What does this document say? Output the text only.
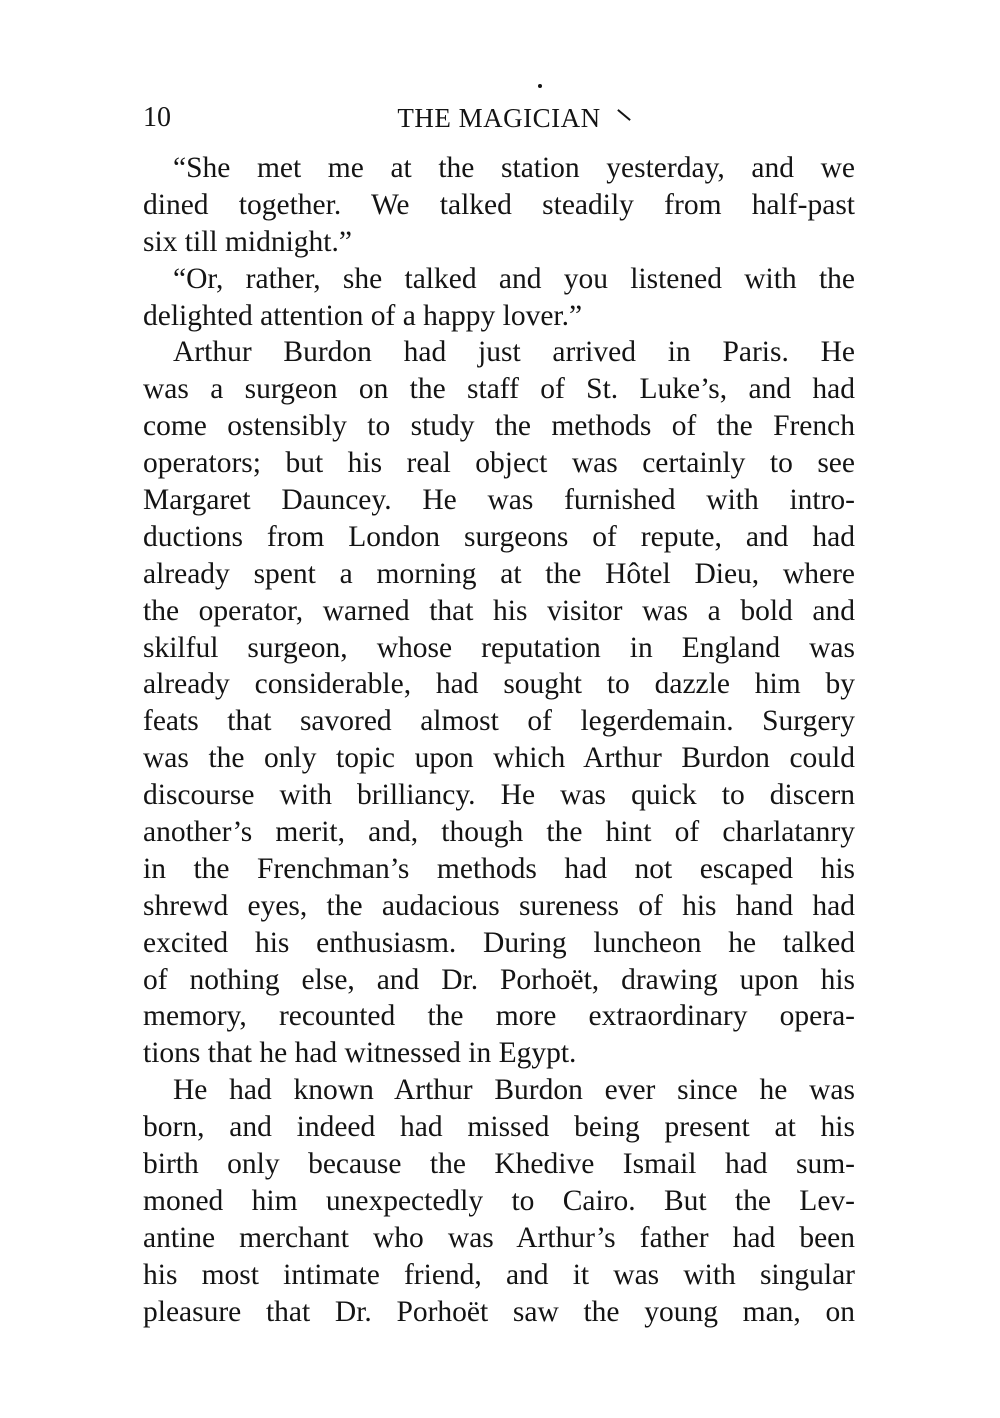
10	THE MAGICIAN
“She met me at the station yesterday, and we
dined together. We talked steadily from half-past
six till midnight.”
“Or, rather, she talked and you listened with the
delighted attention of a happy lover.”
Arthur Burdon had just arrived in Paris. He
was a surgeon on the staff of St. Luke’s, and had
come ostensibly to study the methods of the French
operators; but his real object was certainly to see
Margaret Dauncey. He was furnished with intro-
ductions from London surgeons of repute, and had
already spent a morning at the Hôtel Dieu, where
the operator, warned that his visitor was a bold and
skilful surgeon, whose reputation in England was
already considerable, had sought to dazzle him by
feats that savored almost of legerdemain. Surgery
was the only topic upon which Arthur Burdon could
discourse with brilliancy. He was quick to discern
another’s merit, and, though the hint of charlatanry
in the Frenchman’s methods had not escaped his
shrewd eyes, the audacious sureness of his hand had
excited his enthusiasm. During luncheon he talked
of nothing else, and Dr. Porhoët, drawing upon his
memory, recounted the more extraordinary opera-
tions that he had witnessed in Egypt.
He had known Arthur Burdon ever since he was
born, and indeed had missed being present at his
birth only because the Khedive Ismail had sum-
moned him unexpectedly to Cairo. But the Lev-
antine merchant who was Arthur’s father had been
his most intimate friend, and it was with singular
pleasure that Dr. Porhoët saw the young man, on
